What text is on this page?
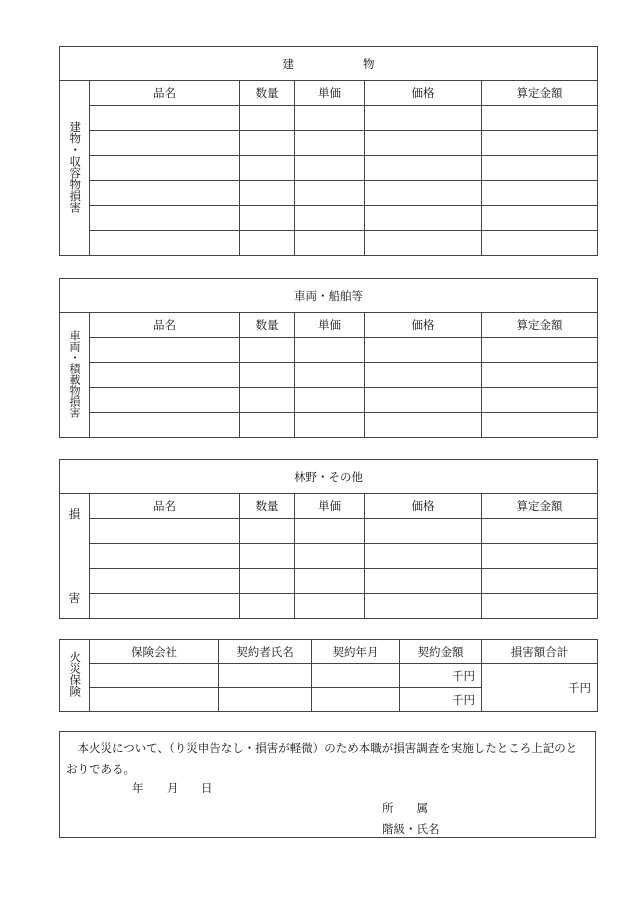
建　　　　　　物					
建物・収容物損害	品名	数量	単価	価格	算定金額

車両・船舶等					
車両・積載物損害	品名	数量	単価	価格	算定金額

林野・その他					

損
害	品名	数量	単価	価格	算定金額

火災保険	保険会社	契約者氏名	契約年月	契約金額	損害額合計
				千円	千円
				千円	
　本火災について、（り災申告なし・損害が軽微）のため本職が損害調査を実施したところ上記のとおりである。
年 月 日
所　　属
階級・氏名
